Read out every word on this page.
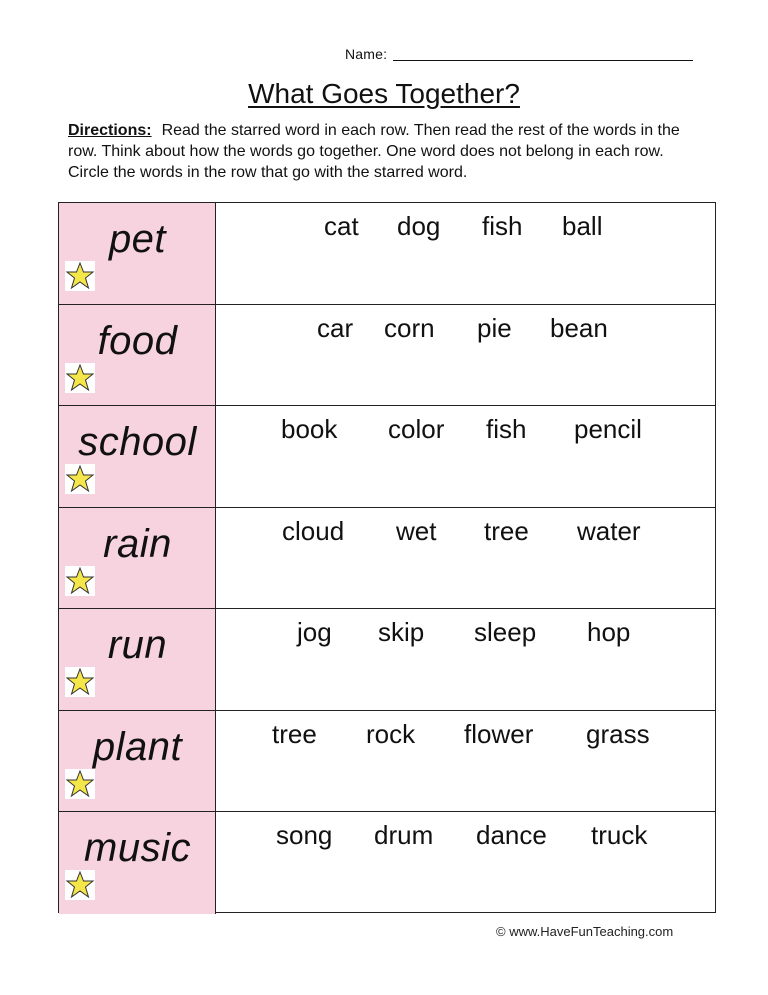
Name:
What Goes Together?
Directions: Read the starred word in each row. Then read the rest of the words in the row. Think about how the words go together. One word does not belong in each row. Circle the words in the row that go with the starred word.
pet	cat dog fish ball
food	car corn pie bean
school	book color fish pencil
rain	cloud wet tree water
run	jog skip sleep hop
plant	tree rock flower grass
music	song drum dance truck
© www.HaveFunTeaching.com
